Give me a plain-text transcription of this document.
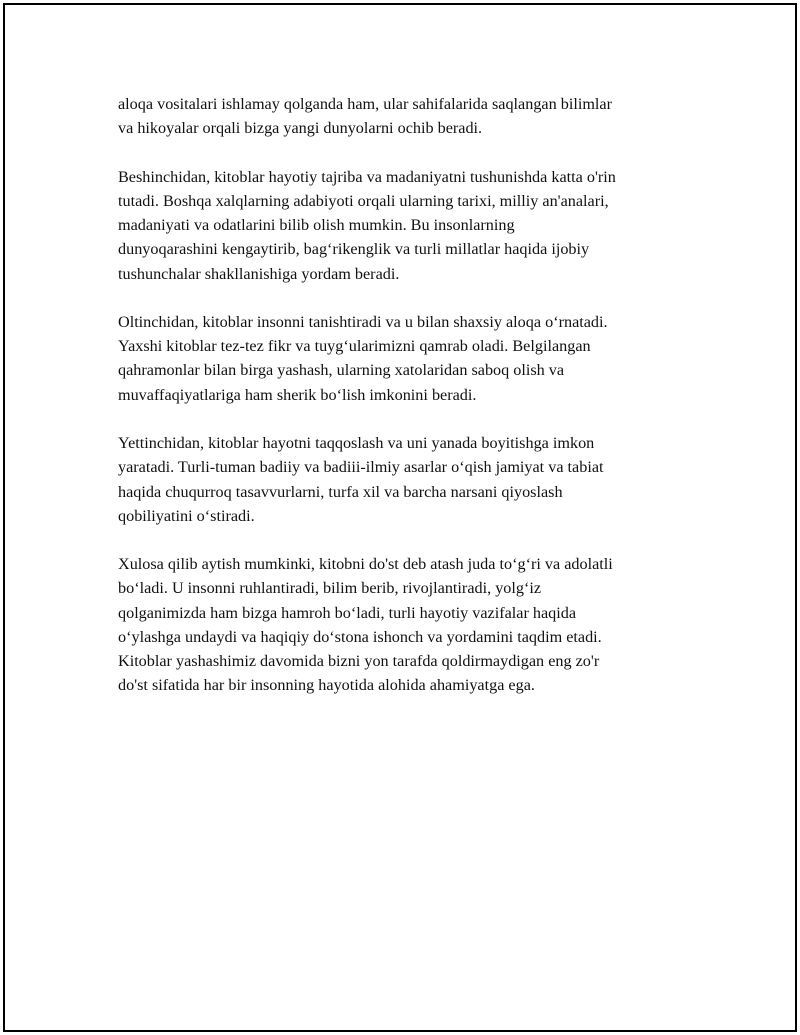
aloqa vositalari ishlamay qolganda ham, ular sahifalarida saqlangan bilimlar
va hikoyalar orqali bizga yangi dunyolarni ochib beradi.

Beshinchidan, kitoblar hayotiy tajriba va madaniyatni tushunishda katta o'rin
tutadi. Boshqa xalqlarning adabiyoti orqali ularning tarixi, milliy an'analari,
madaniyati va odatlarini bilib olish mumkin. Bu insonlarning
dunyoqarashini kengaytirib, bag‘rikenglik va turli millatlar haqida ijobiy
tushunchalar shakllanishiga yordam beradi.

Oltinchidan, kitoblar insonni tanishtiradi va u bilan shaxsiy aloqa o‘rnatadi.
Yaxshi kitoblar tez-tez fikr va tuyg‘ularimizni qamrab oladi. Belgilangan
qahramonlar bilan birga yashash, ularning xatolaridan saboq olish va
muvaffaqiyatlariga ham sherik bo‘lish imkonini beradi.

Yettinchidan, kitoblar hayotni taqqoslash va uni yanada boyitishga imkon
yaratadi. Turli-tuman badiiy va badiii-ilmiy asarlar o‘qish jamiyat va tabiat
haqida chuqurroq tasavvurlarni, turfa xil va barcha narsani qiyoslash
qobiliyatini o‘stiradi.

Xulosa qilib aytish mumkinki, kitobni do'st deb atash juda to‘g‘ri va adolatli
bo‘ladi. U insonni ruhlantiradi, bilim berib, rivojlantiradi, yolg‘iz
qolganimizda ham bizga hamroh bo‘ladi, turli hayotiy vazifalar haqida
o‘ylashga undaydi va haqiqiy do‘stona ishonch va yordamini taqdim etadi.
Kitoblar yashashimiz davomida bizni yon tarafda qoldirmaydigan eng zo'r
do'st sifatida har bir insonning hayotida alohida ahamiyatga ega.
